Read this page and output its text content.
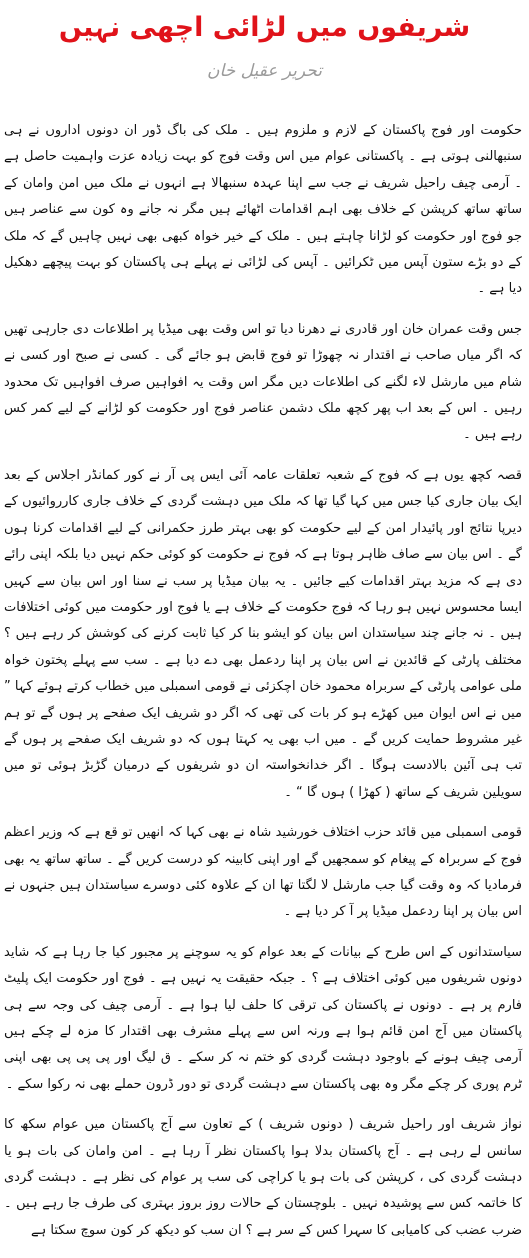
شریفوں میں لڑائی اچھی نہیں
تحریر عقیل خان

حکومت اور فوج پاکستان کے لازم و ملزوم ہیں ۔ ملک کی باگ ڈور ان دونوں اداروں نے ہی سنبھالنی ہوتی ہے ۔ پاکستانی عوام میں اس وقت فوج کو بہت زیادہ عزت واہمیت حاصل ہے ۔ آرمی چیف راحیل شریف نے جب سے اپنا عہدہ سنبھالا ہے انہوں نے ملک میں امن وامان کے ساتھ ساتھ کرپشن کے خلاف بھی اہم اقدامات اٹھائے ہیں مگر نہ جانے وہ کون سے عناصر ہیں جو فوج اور حکومت کو لڑانا چاہتے ہیں ۔ ملک کے خیر خواہ کبھی بھی نہیں چاہیں گے کہ ملک کے دو بڑے ستون آپس میں ٹکرائیں ۔ آپس کی لڑائی نے پہلے ہی پاکستان کو بہت پیچھے دھکیل دیا ہے ۔

جس وقت عمران خان اور قادری نے دھرنا دیا تو اس وقت بھی میڈیا پر اطلاعات دی جارہی تھیں کہ اگر میاں صاحب نے اقتدار نہ چھوڑا تو فوج قابض ہو جائے گی ۔ کسی نے صبح اور کسی نے شام میں مارشل لاء لگنے کی اطلاعات دیں مگر اس وقت یہ افواہیں صرف افواہیں تک محدود رہیں ۔ اس کے بعد اب پھر کچھ ملک دشمن عناصر فوج اور حکومت کو لڑانے کے لیے کمر کس رہے ہیں ۔

قصہ کچھ یوں ہے کہ فوج کے شعبہ تعلقات عامہ آئی ایس پی آر نے کور کمانڈر اجلاس کے بعد ایک بیان جاری کیا جس میں کہا گیا تھا کہ ملک میں دہشت گردی کے خلاف جاری کارروائیوں کے دیرپا نتائج اور پائیدار امن کے لیے حکومت کو بھی بہتر طرز حکمرانی کے لیے اقدامات کرنا ہوں گے ۔ اس بیان سے صاف ظاہر ہوتا ہے کہ فوج نے حکومت کو کوئی حکم نہیں دیا بلکہ اپنی رائے دی ہے کہ مزید بہتر اقدامات کیے جائیں ۔ یہ بیان میڈیا پر سب نے سنا اور اس بیان سے کہیں ایسا محسوس نہیں ہو رہا کہ فوج حکومت کے خلاف ہے یا فوج اور حکومت میں کوئی اختلافات ہیں ۔ نہ جانے چند سیاستدان اس بیان کو ایشو بنا کر کیا ثابت کرنے کی کوشش کر رہے ہیں ؟ مختلف پارٹی کے قائدین نے اس بیان پر اپنا ردعمل بھی دے دیا ہے ۔ سب سے پہلے پختون خواہ ملی عوامی پارٹی کے سربراہ محمود خان اچکزئی نے قومی اسمبلی میں خطاب کرتے ہوئے کہا ” میں نے اس ایوان میں کھڑے ہو کر بات کی تھی کہ اگر دو شریف ایک صفحے پر ہوں گے تو ہم غیر مشروط حمایت کریں گے ۔ میں اب بھی یہ کہتا ہوں کہ دو شریف ایک صفحے پر ہوں گے تب ہی آئین بالادست ہوگا ۔ اگر خدانخواستہ ان دو شریفوں کے درمیان گڑبڑ ہوئی تو میں سویلین شریف کے ساتھ ( کھڑا ) ہوں گا “ ۔

قومی اسمبلی میں قائد حزب اختلاف خورشید شاہ نے بھی کہا کہ انھیں تو قع ہے کہ وزیر اعظم فوج کے سربراہ کے پیغام کو سمجھیں گے اور اپنی کابینہ کو درست کریں گے ۔ ساتھ ساتھ یہ بھی فرمادیا کہ وہ وقت گیا جب مارشل لا لگتا تھا ان کے علاوہ کئی دوسرے سیاستدان ہیں جنہوں نے اس بیان پر اپنا ردعمل میڈیا پر آ کر دیا ہے ۔

سیاستدانوں کے اس طرح کے بیانات کے بعد عوام کو یہ سوچنے پر مجبور کیا جا رہا ہے کہ شاید دونوں شریفوں میں کوئی اختلاف ہے ؟ ۔ جبکہ حقیقت یہ نہیں ہے ۔ فوج اور حکومت ایک پلیٹ فارم پر ہے ۔ دونوں نے پاکستان کی ترقی کا حلف لیا ہوا ہے ۔ آرمی چیف کی وجہ سے ہی پاکستان میں آج امن قائم ہوا ہے ورنہ اس سے پہلے مشرف بھی اقتدار کا مزہ لے چکے ہیں آرمی چیف ہونے کے باوجود دہشت گردی کو ختم نہ کر سکے ۔ ق لیگ اور پی پی پی بھی اپنی ٹرم پوری کر چکے مگر وہ بھی پاکستان سے دہشت گردی تو دور ڈرون حملے بھی نہ رکوا سکے ۔

نواز شریف اور راحیل شریف ( دونوں شریف ) کے تعاون سے آج پاکستان میں عوام سکھ کا سانس لے رہی ہے ۔ آج پاکستان بدلا ہوا پاکستان نظر آ رہا ہے ۔ امن وامان کی بات ہو یا دہشت گردی کی ، کرپشن کی بات ہو یا کراچی کی سب پر عوام کی نظر ہے ۔ دہشت گردی کا خاتمہ کس سے پوشیدہ نہیں ۔ بلوچستان کے حالات روز بروز بہتری کی طرف جا رہے ہیں ۔ ضرب عضب کی کامیابی کا سہرا کس کے سر ہے ؟ ان سب کو دیکھ کر کون سوچ سکتا ہے
